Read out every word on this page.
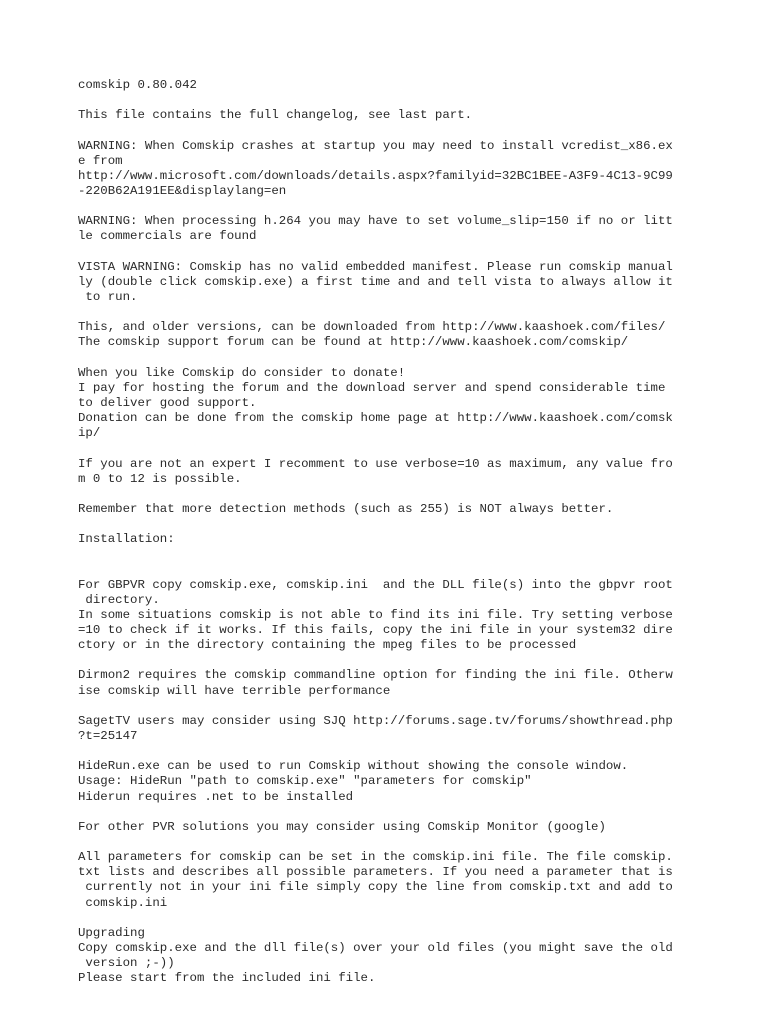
comskip 0.80.042
This file contains the full changelog, see last part.
WARNING: When Comskip crashes at startup you may need to install vcredist_x86.ex
e from
http://www.microsoft.com/downloads/details.aspx?familyid=32BC1BEE-A3F9-4C13-9C99
-220B62A191EE&displaylang=en
WARNING: When processing h.264 you may have to set volume_slip=150 if no or litt
le commercials are found
VISTA WARNING: Comskip has no valid embedded manifest. Please run comskip manual
ly (double click comskip.exe) a first time and and tell vista to always allow it
to run.
This, and older versions, can be downloaded from http://www.kaashoek.com/files/
The comskip support forum can be found at http://www.kaashoek.com/comskip/
When you like Comskip do consider to donate!
I pay for hosting the forum and the download server and spend considerable time
to deliver good support.
Donation can be done from the comskip home page at http://www.kaashoek.com/comsk
ip/
If you are not an expert I recomment to use verbose=10 as maximum, any value fro
m 0 to 12 is possible.
Remember that more detection methods (such as 255) is NOT always better.
Installation:
For GBPVR copy comskip.exe, comskip.ini  and the DLL file(s) into the gbpvr root
directory.
In some situations comskip is not able to find its ini file. Try setting verbose
=10 to check if it works. If this fails, copy the ini file in your system32 dire
ctory or in the directory containing the mpeg files to be processed
Dirmon2 requires the comskip commandline option for finding the ini file. Otherw
ise comskip will have terrible performance
SagetTV users may consider using SJQ http://forums.sage.tv/forums/showthread.php
?t=25147
HideRun.exe can be used to run Comskip without showing the console window.
Usage: HideRun "path to comskip.exe" "parameters for comskip"
Hiderun requires .net to be installed
For other PVR solutions you may consider using Comskip Monitor (google)
All parameters for comskip can be set in the comskip.ini file. The file comskip.
txt lists and describes all possible parameters. If you need a parameter that is
currently not in your ini file simply copy the line from comskip.txt and add to
comskip.ini
Upgrading
Copy comskip.exe and the dll file(s) over your old files (you might save the old
version ;-))
Please start from the included ini file.
